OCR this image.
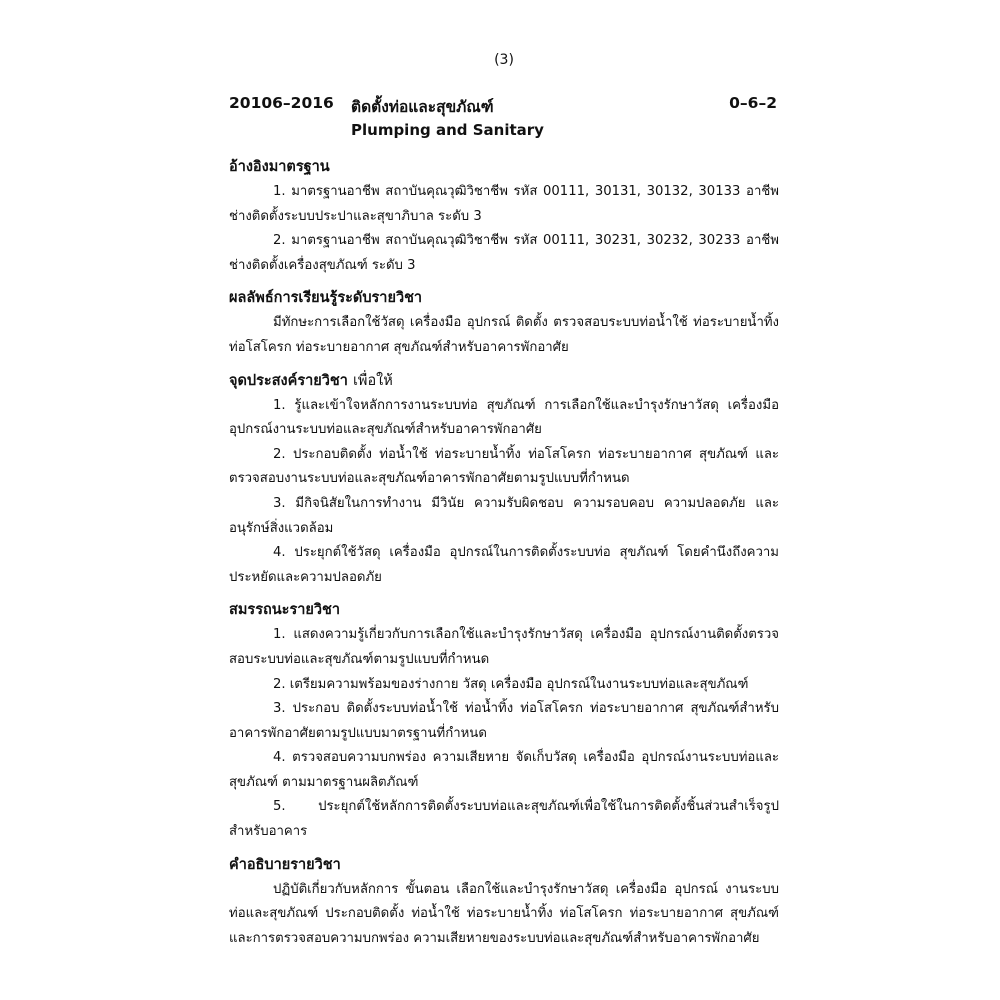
(3)
20106–2016 ติดตั้งท่อและสุขภัณฑ์
Plumping and Sanitary
0–6–2
อ้างอิงมาตรฐาน

1. มาตรฐานอาชีพ สถาบันคุณวุฒิวิชาชีพ รหัส 00111, 30131, 30132, 30133 อาชีพช่างติดตั้งระบบประปาและสุขาภิบาล ระดับ 3

2. มาตรฐานอาชีพ สถาบันคุณวุฒิวิชาชีพ รหัส 00111, 30231, 30232, 30233 อาชีพช่างติดตั้งเครื่องสุขภัณฑ์ ระดับ 3

ผลลัพธ์การเรียนรู้ระดับรายวิชา

มีทักษะการเลือกใช้วัสดุ เครื่องมือ อุปกรณ์ ติดตั้ง ตรวจสอบระบบท่อน้ำใช้ ท่อระบายน้ำทิ้ง ท่อโสโครก ท่อระบายอากาศ สุขภัณฑ์สำหรับอาคารพักอาศัย

จุดประสงค์รายวิชา เพื่อให้

1. รู้และเข้าใจหลักการงานระบบท่อ สุขภัณฑ์ การเลือกใช้และบำรุงรักษาวัสดุ เครื่องมือ อุปกรณ์งานระบบท่อและสุขภัณฑ์สำหรับอาคารพักอาศัย

2. ประกอบติดตั้ง ท่อน้ำใช้ ท่อระบายน้ำทิ้ง ท่อโสโครก ท่อระบายอากาศ สุขภัณฑ์ และตรวจสอบงานระบบท่อและสุขภัณฑ์อาคารพักอาศัยตามรูปแบบที่กำหนด

3. มีกิจนิสัยในการทำงาน มีวินัย ความรับผิดชอบ ความรอบคอบ ความปลอดภัย และอนุรักษ์สิ่งแวดล้อม

4. ประยุกต์ใช้วัสดุ เครื่องมือ อุปกรณ์ในการติดตั้งระบบท่อ สุขภัณฑ์ โดยคำนึงถึงความประหยัดและความปลอดภัย

สมรรถนะรายวิชา

1. แสดงความรู้เกี่ยวกับการเลือกใช้และบำรุงรักษาวัสดุ เครื่องมือ อุปกรณ์งานติดตั้งตรวจสอบระบบท่อและสุขภัณฑ์ตามรูปแบบที่กำหนด

2. เตรียมความพร้อมของร่างกาย วัสดุ เครื่องมือ อุปกรณ์ในงานระบบท่อและสุขภัณฑ์

3. ประกอบ ติดตั้งระบบท่อน้ำใช้ ท่อน้ำทิ้ง ท่อโสโครก ท่อระบายอากาศ สุขภัณฑ์สำหรับอาคารพักอาศัยตามรูปแบบมาตรฐานที่กำหนด

4. ตรวจสอบความบกพร่อง ความเสียหาย จัดเก็บวัสดุ เครื่องมือ อุปกรณ์งานระบบท่อและสุขภัณฑ์ ตามมาตรฐานผลิตภัณฑ์

5. ประยุกต์ใช้หลักการติดตั้งระบบท่อและสุขภัณฑ์เพื่อใช้ในการติดตั้งชิ้นส่วนสำเร็จรูปสำหรับอาคาร

คำอธิบายรายวิชา

ปฏิบัติเกี่ยวกับหลักการ ขั้นตอน เลือกใช้และบำรุงรักษาวัสดุ เครื่องมือ อุปกรณ์ งานระบบท่อและสุขภัณฑ์ ประกอบติดตั้ง ท่อน้ำใช้ ท่อระบายน้ำทิ้ง ท่อโสโครก ท่อระบายอากาศ สุขภัณฑ์ และการตรวจสอบความบกพร่อง ความเสียหายของระบบท่อและสุขภัณฑ์สำหรับอาคารพักอาศัย
